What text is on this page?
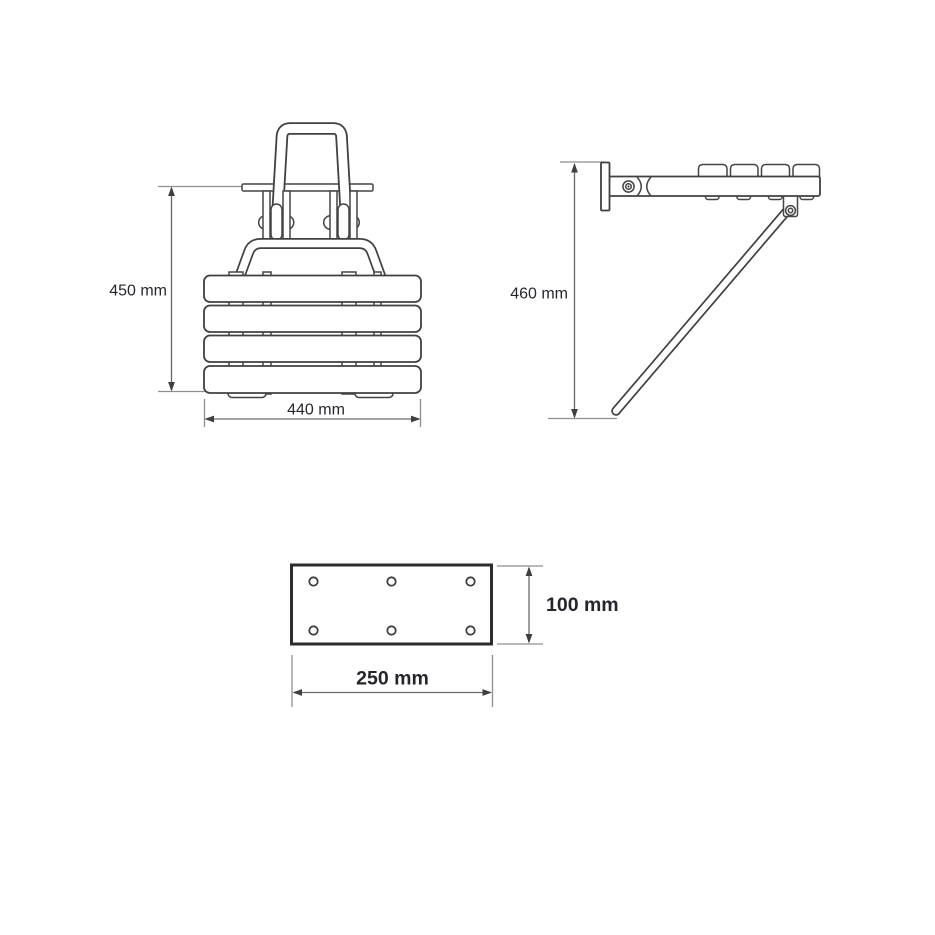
450 mm
440 mm
460 mm
100 mm
250 mm
